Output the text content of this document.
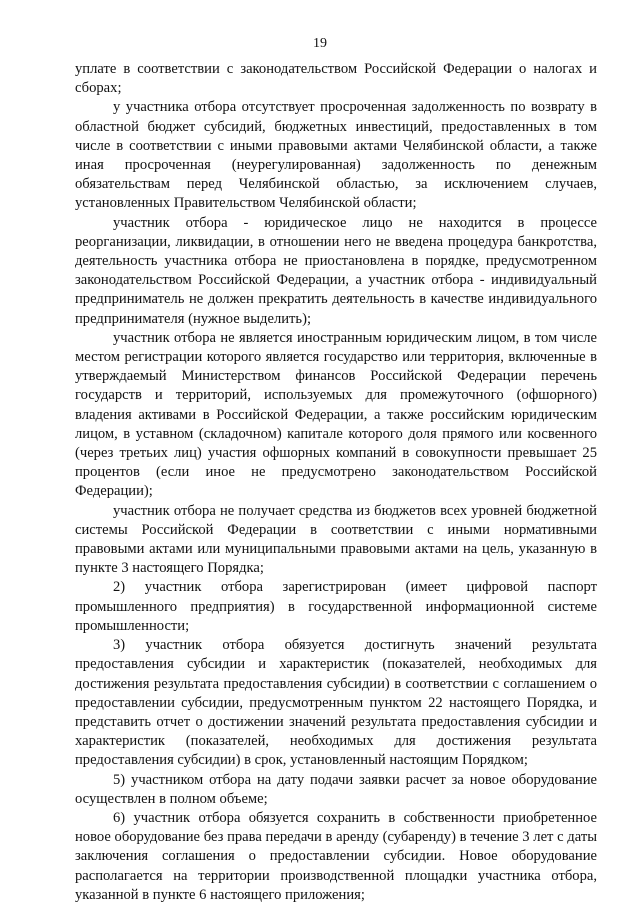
19

уплате в соответствии с законодательством Российской Федерации о налогах и сборах;

у участника отбора отсутствует просроченная задолженность по возврату в областной бюджет субсидий, бюджетных инвестиций, предоставленных в том числе в соответствии с иными правовыми актами Челябинской области, а также иная просроченная (неурегулированная) задолженность по денежным обязательствам перед Челябинской областью, за исключением случаев, установленных Правительством Челябинской области;

участник отбора - юридическое лицо не находится в процессе реорганизации, ликвидации, в отношении него не введена процедура банкротства, деятельность участника отбора не приостановлена в порядке, предусмотренном законодательством Российской Федерации, а участник отбора - индивидуальный предприниматель не должен прекратить деятельность в качестве индивидуального предпринимателя (нужное выделить);

участник отбора не является иностранным юридическим лицом, в том числе местом регистрации которого является государство или территория, включенные в утверждаемый Министерством финансов Российской Федерации перечень государств и территорий, используемых для промежуточного (офшорного) владения активами в Российской Федерации, а также российским юридическим лицом, в уставном (складочном) капитале которого доля прямого или косвенного (через третьих лиц) участия офшорных компаний в совокупности превышает 25 процентов (если иное не предусмотрено законодательством Российской Федерации);

участник отбора не получает средства из бюджетов всех уровней бюджетной системы Российской Федерации в соответствии с иными нормативными правовыми актами или муниципальными правовыми актами на цель, указанную в пункте 3 настоящего Порядка;

2) участник отбора зарегистрирован (имеет цифровой паспорт промышленного предприятия) в государственной информационной системе промышленности;

3) участник отбора обязуется достигнуть значений результата предоставления субсидии и характеристик (показателей, необходимых для достижения результата предоставления субсидии) в соответствии с соглашением о предоставлении субсидии, предусмотренным пунктом 22 настоящего Порядка, и представить отчет о достижении значений результата предоставления субсидии и характеристик (показателей, необходимых для достижения результата предоставления субсидии) в срок, установленный настоящим Порядком;

5) участником отбора на дату подачи заявки расчет за новое оборудование осуществлен в полном объеме;

6) участник отбора обязуется сохранить в собственности приобретенное новое оборудование без права передачи в аренду (субаренду) в течение 3 лет с даты заключения соглашения о предоставлении субсидии. Новое оборудование располагается на территории производственной площадки участника отбора, указанной в пункте 6 настоящего приложения;
